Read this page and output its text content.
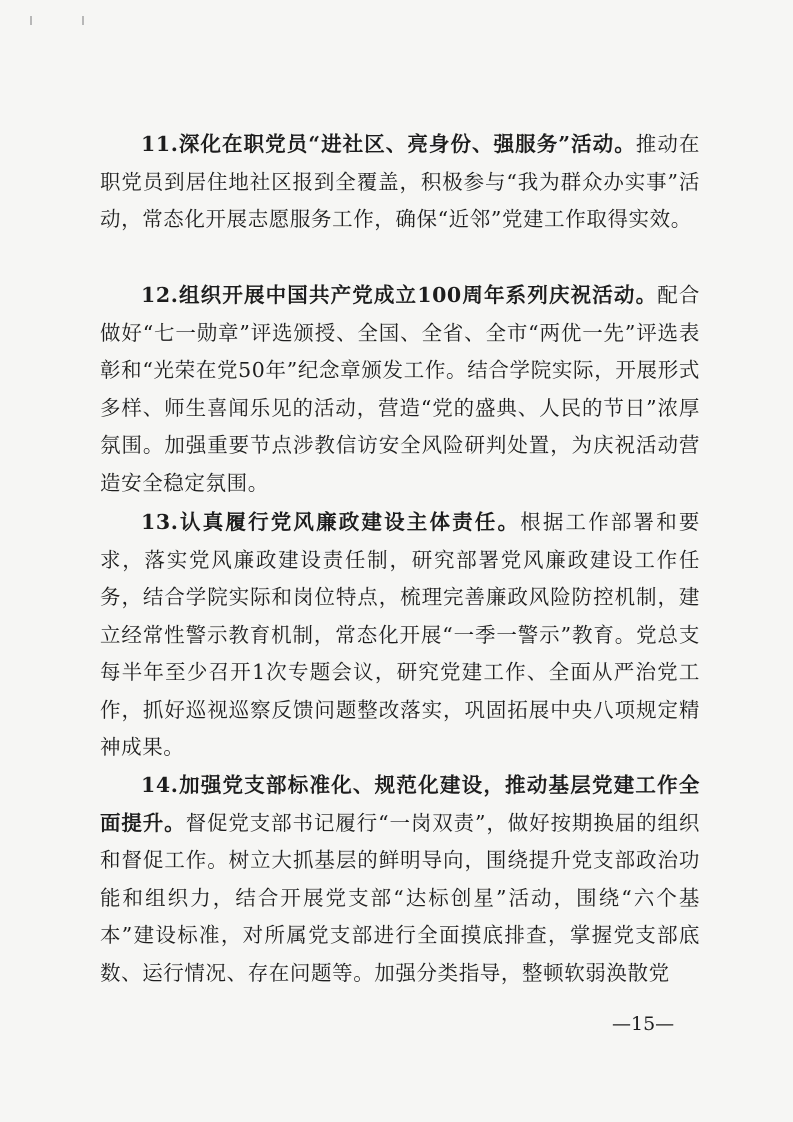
11.深化在职党员“进社区、亮身份、强服务”活动。推动在职党员到居住地社区报到全覆盖，积极参与“我为群众办实事”活动，常态化开展志愿服务工作，确保“近邻”党建工作取得实效。

12.组织开展中国共产党成立100周年系列庆祝活动。配合做好“七一勋章”评选颁授、全国、全省、全市“两优一先”评选表彰和“光荣在党50年”纪念章颁发工作。结合学院实际，开展形式多样、师生喜闻乐见的活动，营造“党的盛典、人民的节日”浓厚氛围。加强重要节点涉教信访安全风险研判处置，为庆祝活动营造安全稳定氛围。

13.认真履行党风廉政建设主体责任。根据工作部署和要求，落实党风廉政建设责任制，研究部署党风廉政建设工作任务，结合学院实际和岗位特点，梳理完善廉政风险防控机制，建立经常性警示教育机制，常态化开展“一季一警示”教育。党总支每半年至少召开1次专题会议，研究党建工作、全面从严治党工作，抓好巡视巡察反馈问题整改落实，巩固拓展中央八项规定精神成果。

14.加强党支部标准化、规范化建设，推动基层党建工作全面提升。督促党支部书记履行“一岗双责”，做好按期换届的组织和督促工作。树立大抓基层的鲜明导向，围绕提升党支部政治功能和组织力，结合开展党支部“达标创星”活动，围绕“六个基本”建设标准，对所属党支部进行全面摸底排查，掌握党支部底数、运行情况、存在问题等。加强分类指导，整顿软弱涣散党

—15—
